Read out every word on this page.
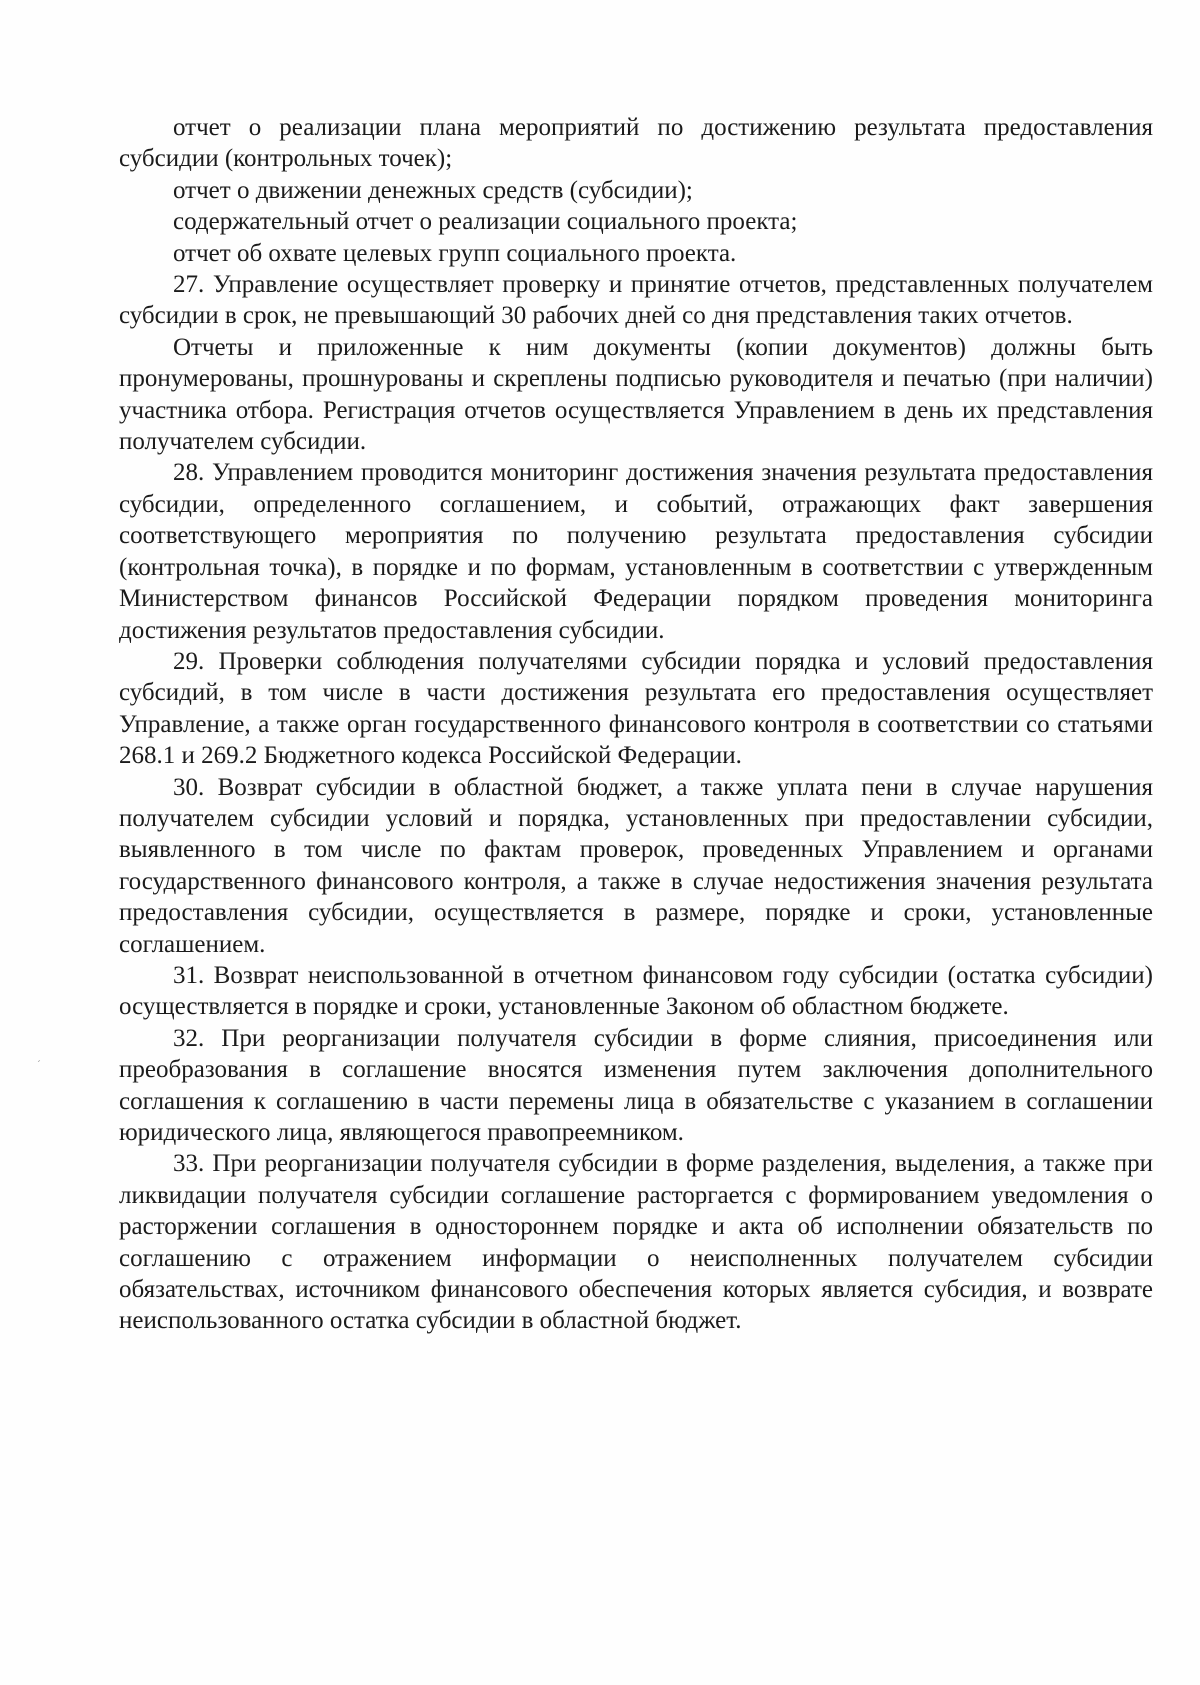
ˊ

отчет о реализации плана мероприятий по достижению результата предоставления субсидии (контрольных точек);

отчет о движении денежных средств (субсидии);

содержательный отчет о реализации социального проекта;

отчет об охвате целевых групп социального проекта.

27. Управление осуществляет проверку и принятие отчетов, представленных получателем субсидии в срок, не превышающий 30 рабочих дней со дня представления таких отчетов.

Отчеты и приложенные к ним документы (копии документов) должны быть пронумерованы, прошнурованы и скреплены подписью руководителя и печатью (при наличии) участника отбора. Регистрация отчетов осуществляется Управлением в день их представления получателем субсидии.

28. Управлением проводится мониторинг достижения значения результата предоставления субсидии, определенного соглашением, и событий, отражающих факт завершения соответствующего мероприятия по получению результата предоставления субсидии (контрольная точка), в порядке и по формам, установленным в соответствии с утвержденным Министерством финансов Российской Федерации порядком проведения мониторинга достижения результатов предоставления субсидии.

29. Проверки соблюдения получателями субсидии порядка и условий предоставления субсидий, в том числе в части достижения результата его предоставления осуществляет Управление, а также орган государственного финансового контроля в соответствии со статьями 268.1 и 269.2 Бюджетного кодекса Российской Федерации.

30. Возврат субсидии в областной бюджет, а также уплата пени в случае нарушения получателем субсидии условий и порядка, установленных при предоставлении субсидии, выявленного в том числе по фактам проверок, проведенных Управлением и органами государственного финансового контроля, а также в случае недостижения значения результата предоставления субсидии, осуществляется в размере, порядке и сроки, установленные соглашением.

31. Возврат неиспользованной в отчетном финансовом году субсидии (остатка субсидии) осуществляется в порядке и сроки, установленные Законом об областном бюджете.

32. При реорганизации получателя субсидии в форме слияния, присоединения или преобразования в соглашение вносятся изменения путем заключения дополнительного соглашения к соглашению в части перемены лица в обязательстве с указанием в соглашении юридического лица, являющегося правопреемником.

33. При реорганизации получателя субсидии в форме разделения, выделения, а также при ликвидации получателя субсидии соглашение расторгается с формированием уведомления о расторжении соглашения в одностороннем порядке и акта об исполнении обязательств по соглашению с отражением информации о неисполненных получателем субсидии обязательствах, источником финансового обеспечения которых является субсидия, и возврате неиспользованного остатка субсидии в областной бюджет.
